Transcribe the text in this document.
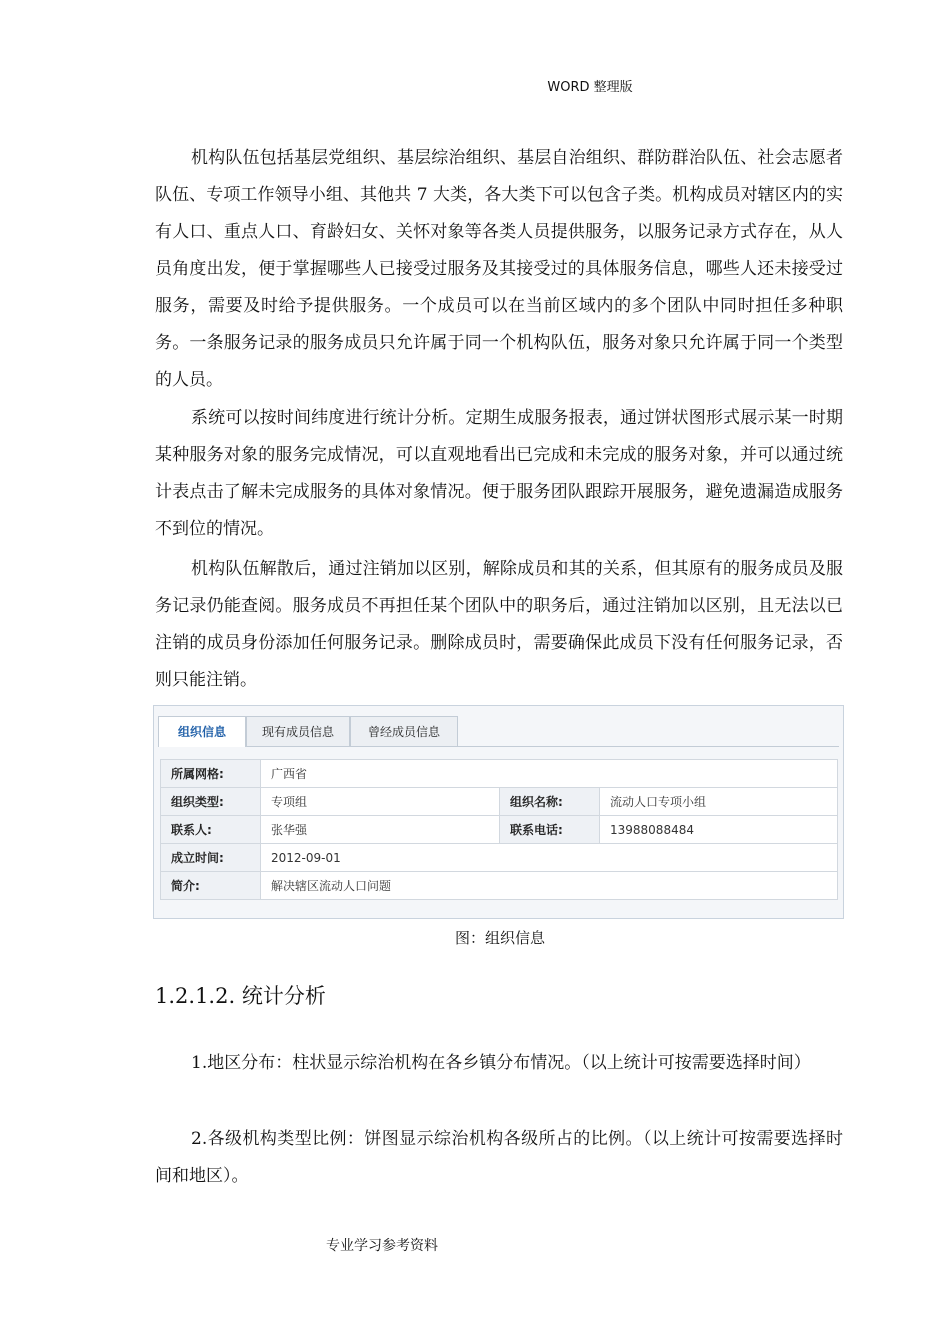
WORD 整理版

机构队伍包括基层党组织、基层综治组织、基层自治组织、群防群治队伍、社会志愿者队伍、专项工作领导小组、其他共 7 大类，各大类下可以包含子类。机构成员对辖区内的实有人口、重点人口、育龄妇女、关怀对象等各类人员提供服务，以服务记录方式存在，从人员角度出发，便于掌握哪些人已接受过服务及其接受过的具体服务信息，哪些人还未接受过服务，需要及时给予提供服务。一个成员可以在当前区域内的多个团队中同时担任多种职务。一条服务记录的服务成员只允许属于同一个机构队伍，服务对象只允许属于同一个类型的人员。

系统可以按时间纬度进行统计分析。定期生成服务报表，通过饼状图形式展示某一时期某种服务对象的服务完成情况，可以直观地看出已完成和未完成的服务对象，并可以通过统计表点击了解未完成服务的具体对象情况。便于服务团队跟踪开展服务，避免遗漏造成服务不到位的情况。

机构队伍解散后，通过注销加以区别，解除成员和其的关系，但其原有的服务成员及服务记录仍能查阅。服务成员不再担任某个团队中的职务后，通过注销加以区别，且无法以已注销的成员身份添加任何服务记录。删除成员时，需要确保此成员下没有任何服务记录，否则只能注销。

组织信息	现有成员信息	曾经成员信息
所属网格:	广西省		
组织类型:	专项组	组织名称:	流动人口专项小组
联系人:	张华强	联系电话:	13988088484
成立时间:	2012-09-01		
简介:	解决辖区流动人口问题		
图：组织信息
1.2.1.2. 统计分析

1.地区分布：柱状显示综治机构在各乡镇分布情况。（以上统计可按需要选择时间）

2.各级机构类型比例：饼图显示综治机构各级所占的比例。（以上统计可按需要选择时间和地区）。

专业学习参考资料
